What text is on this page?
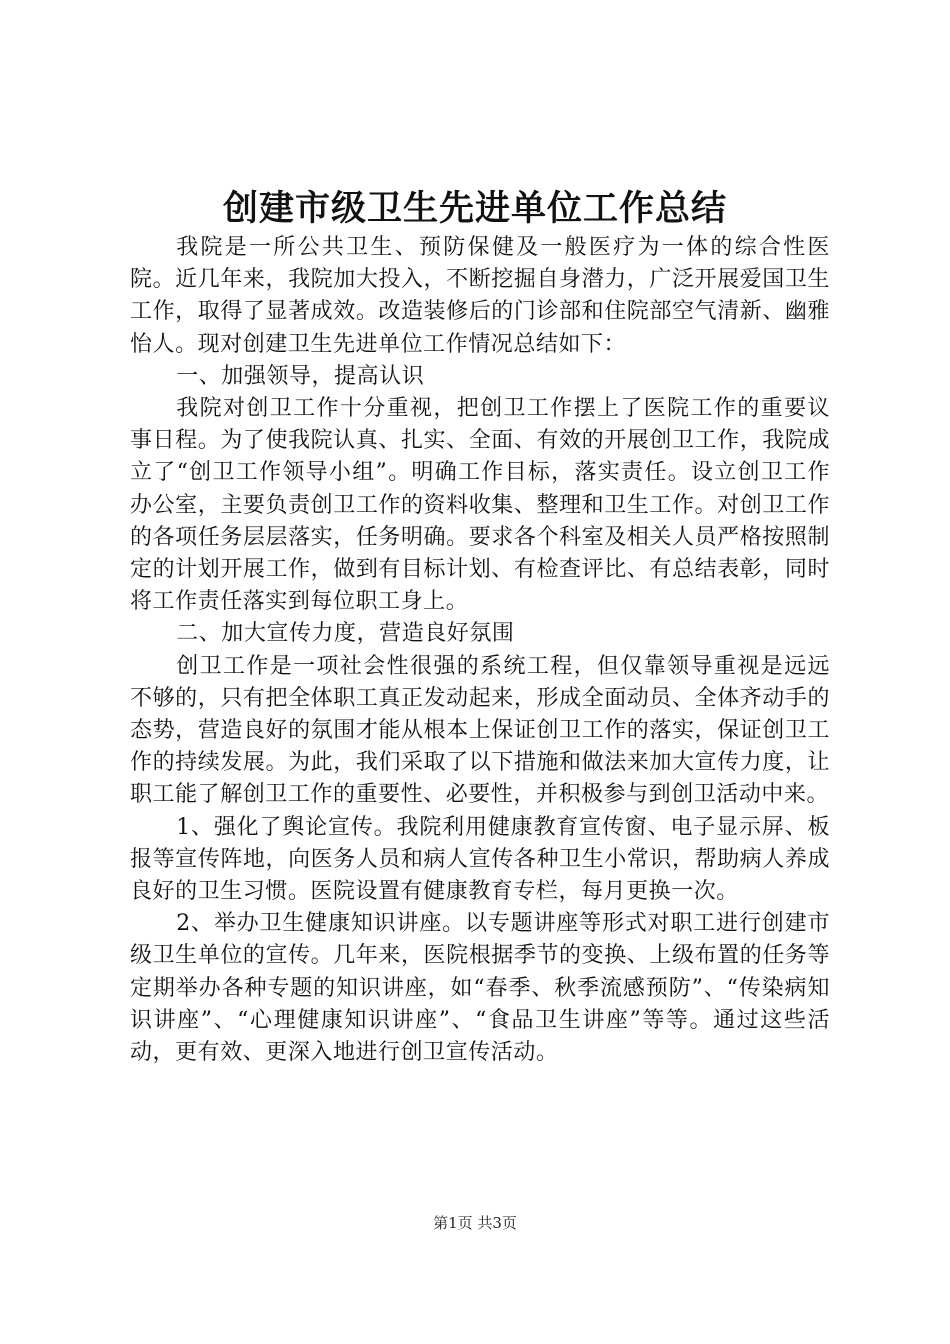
创建市级卫生先进单位工作总结

我院是一所公共卫生、预防保健及一般医疗为一体的综合性医院。近几年来，我院加大投入，不断挖掘自身潜力，广泛开展爱国卫生工作，取得了显著成效。改造装修后的门诊部和住院部空气清新、幽雅怡人。现对创建卫生先进单位工作情况总结如下：

一、加强领导，提高认识

我院对创卫工作十分重视，把创卫工作摆上了医院工作的重要议事日程。为了使我院认真、扎实、全面、有效的开展创卫工作，我院成立了“创卫工作领导小组”。明确工作目标，落实责任。设立创卫工作办公室，主要负责创卫工作的资料收集、整理和卫生工作。对创卫工作的各项任务层层落实，任务明确。要求各个科室及相关人员严格按照制定的计划开展工作，做到有目标计划、有检查评比、有总结表彰，同时将工作责任落实到每位职工身上。

二、加大宣传力度，营造良好氛围

创卫工作是一项社会性很强的系统工程，但仅靠领导重视是远远不够的，只有把全体职工真正发动起来，形成全面动员、全体齐动手的态势，营造良好的氛围才能从根本上保证创卫工作的落实，保证创卫工作的持续发展。为此，我们采取了以下措施和做法来加大宣传力度，让职工能了解创卫工作的重要性、必要性，并积极参与到创卫活动中来。

1、强化了舆论宣传。我院利用健康教育宣传窗、电子显示屏、板报等宣传阵地，向医务人员和病人宣传各种卫生小常识，帮助病人养成良好的卫生习惯。医院设置有健康教育专栏，每月更换一次。

2、举办卫生健康知识讲座。以专题讲座等形式对职工进行创建市级卫生单位的宣传。几年来，医院根据季节的变换、上级布置的任务等定期举办各种专题的知识讲座，如“春季、秋季流感预防”、“传染病知识讲座”、“心理健康知识讲座”、“食品卫生讲座”等等。通过这些活动，更有效、更深入地进行创卫宣传活动。

第1页 共3页
